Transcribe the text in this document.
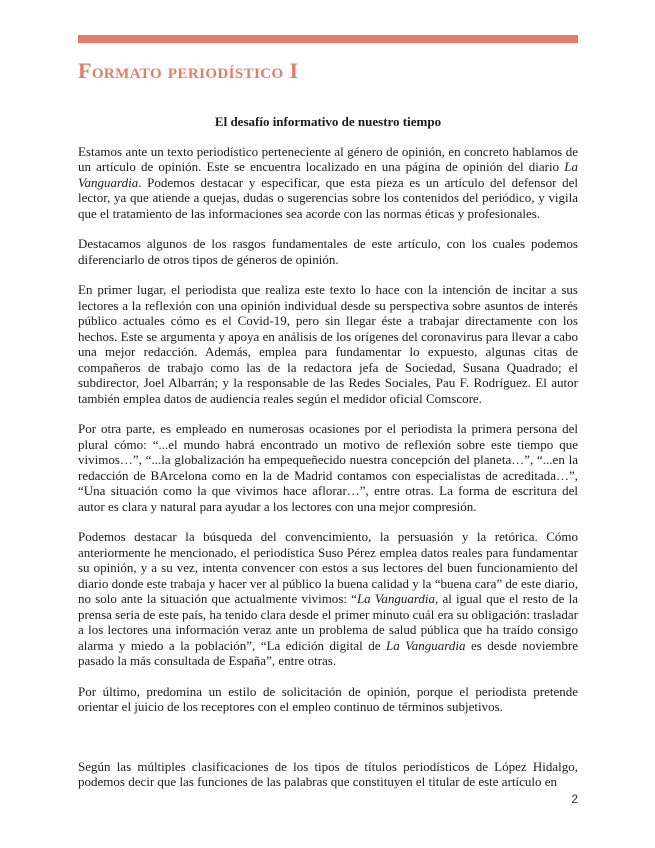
Formato periodístico I
El desafío informativo de nuestro tiempo

Estamos ante un texto periodístico perteneciente al género de opinión, en concreto hablamos de un artículo de opinión. Este se encuentra localizado en una página de opinión del diario La Vanguardia. Podemos destacar y especificar, que esta pieza es un artículo del defensor del lector, ya que atiende a quejas, dudas o sugerencias sobre los contenidos del periódico, y vigila que el tratamiento de las informaciones sea acorde con las normas éticas y profesionales.

Destacamos algunos de los rasgos fundamentales de este artículo, con los cuales podemos diferenciarlo de otros tipos de géneros de opinión.

En primer lugar, el periodista que realiza este texto lo hace con la intención de incitar a sus lectores a la reflexión con una opinión individual desde su perspectiva sobre asuntos de interés público actuales cómo es el Covid-19, pero sin llegar éste a trabajar directamente con los hechos. Este se argumenta y apoya en análisis de los orígenes del coronavirus para llevar a cabo una mejor redacción. Además, emplea para fundamentar lo expuesto, algunas citas de compañeros de trabajo como las de la redactora jefa de Sociedad, Susana Quadrado; el subdirector, Joel Albarrán; y la responsable de las Redes Sociales, Pau F. Rodríguez. El autor también emplea datos de audiencia reales según el medidor oficial Comscore.

Por otra parte, es empleado en numerosas ocasiones por el periodista la primera persona del plural cómo: “...el mundo habrá encontrado un motivo de reflexión sobre este tiempo que vivimos…”, “...la globalización ha empequeñecido nuestra concepción del planeta…”, “...en la redacción de BArcelona como en la de Madrid contamos con especialistas de acreditada…”, “Una situación como la que vivimos hace aflorar…”, entre otras. La forma de escritura del autor es clara y natural para ayudar a los lectores con una mejor compresión.

Podemos destacar la búsqueda del convencimiento, la persuasión y la retórica. Cómo anteriormente he mencionado, el periodística Suso Pérez emplea datos reales para fundamentar su opinión, y a su vez, intenta convencer con estos a sus lectores del buen funcionamiento del diario donde este trabaja y hacer ver al público la buena calidad y la “buena cara” de este diario, no solo ante la situación que actualmente vivimos: “La Vanguardia, al igual que el resto de la prensa seria de este país, ha tenido clara desde el primer minuto cuál era su obligación: trasladar a los lectores una información veraz ante un problema de salud pública que ha traído consigo alarma y miedo a la población”, “La edición digital de La Vanguardia es desde noviembre pasado la más consultada de España”, entre otras.

Por último, predomina un estilo de solicitación de opinión, porque el periodista pretende orientar el juicio de los receptores con el empleo continuo de términos subjetivos.

Según las múltiples clasificaciones de los tipos de títulos periodísticos de López Hidalgo, podemos decir que las funciones de las palabras que constituyen el titular de este artículo en

2
